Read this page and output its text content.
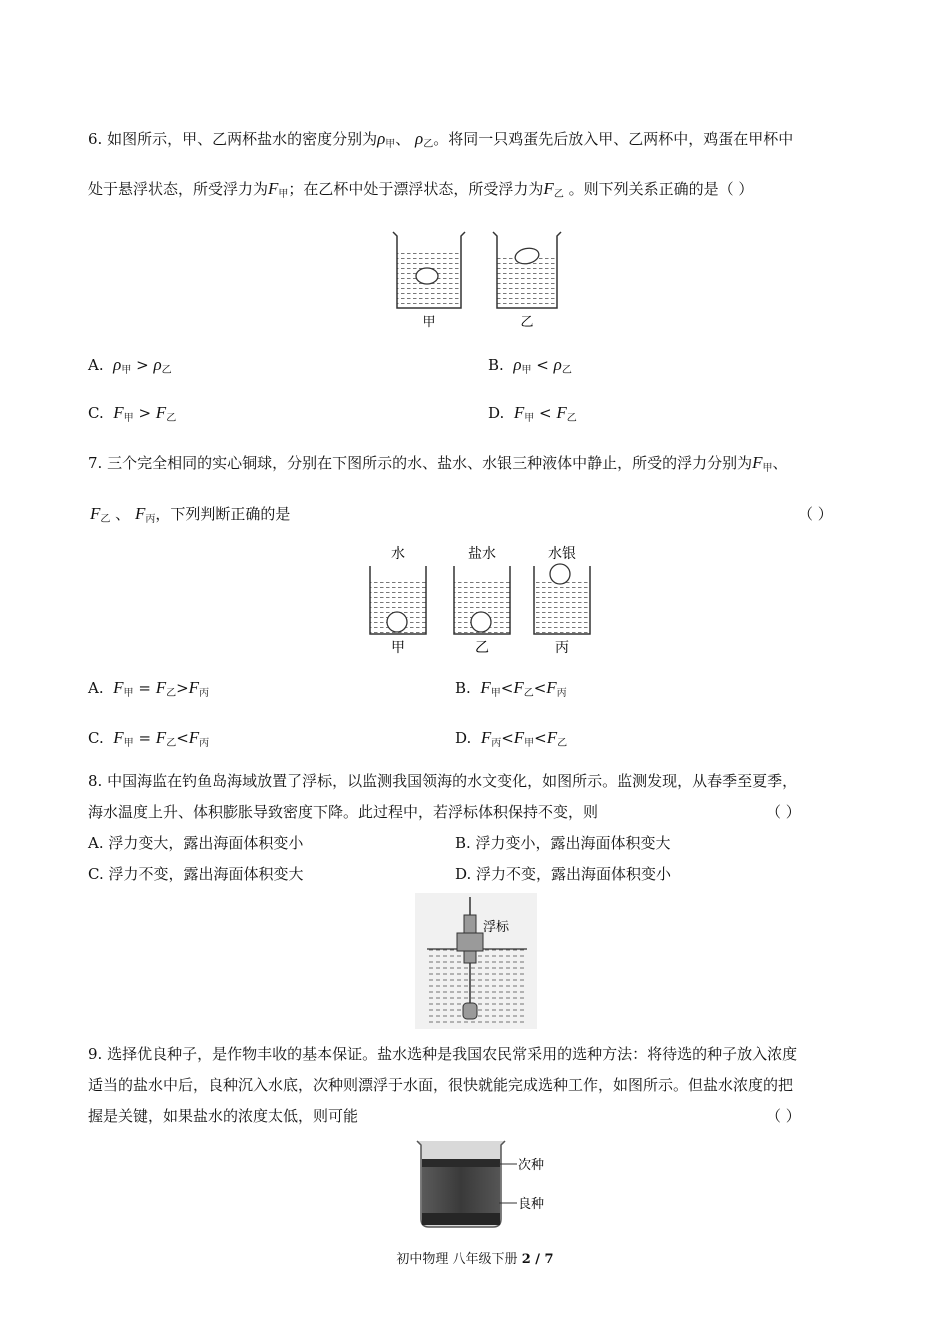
6. 如图所示，甲、乙两杯盐水的密度分别为$\rho_甲$、 $\rho_乙$。将同一只鸡蛋先后放入甲、乙两杯中，鸡蛋在甲杯中
处于悬浮状态，所受浮力为$F_甲$；在乙杯中处于漂浮状态，所受浮力为$F_乙$ 。则下列关系正确的是（ ）
甲	乙
A. $\rho_甲 > \rho_乙$	B. $\rho_甲 < \rho_乙$
C. $F_甲 > F_乙$	D. $F_甲 < F_乙$
7. 三个完全相同的实心铜球，分别在下图所示的水、盐水、水银三种液体中静止，所受的浮力分别为$F_甲$、
$F_乙$ 、 $F_丙$，下列判断正确的是	（ ）
水	盐水	水银
甲	乙	丙
A. $F_甲 = F_乙>F_丙$	B. $F_甲<F_乙<F_丙$
C. $F_甲 = F_乙<F_丙$	D. $F_丙<F_甲<F_乙$
8. 中国海监在钓鱼岛海域放置了浮标，以监测我国领海的水文变化，如图所示。监测发现，从春季至夏季，
海水温度上升、体积膨胀导致密度下降。此过程中，若浮标体积保持不变，则	（ ）
A. 浮力变大，露出海面体积变小	B. 浮力变小，露出海面体积变大
C. 浮力不变，露出海面体积变大	D. 浮力不变，露出海面体积变小
浮标
9. 选择优良种子，是作物丰收的基本保证。盐水选种是我国农民常采用的选种方法：将待选的种子放入浓度
适当的盐水中后，良种沉入水底，次种则漂浮于水面，很快就能完成选种工作，如图所示。但盐水浓度的把
握是关键，如果盐水的浓度太低，则可能	（ ）
次种
良种
初中物理 八年级下册 2 / 7
